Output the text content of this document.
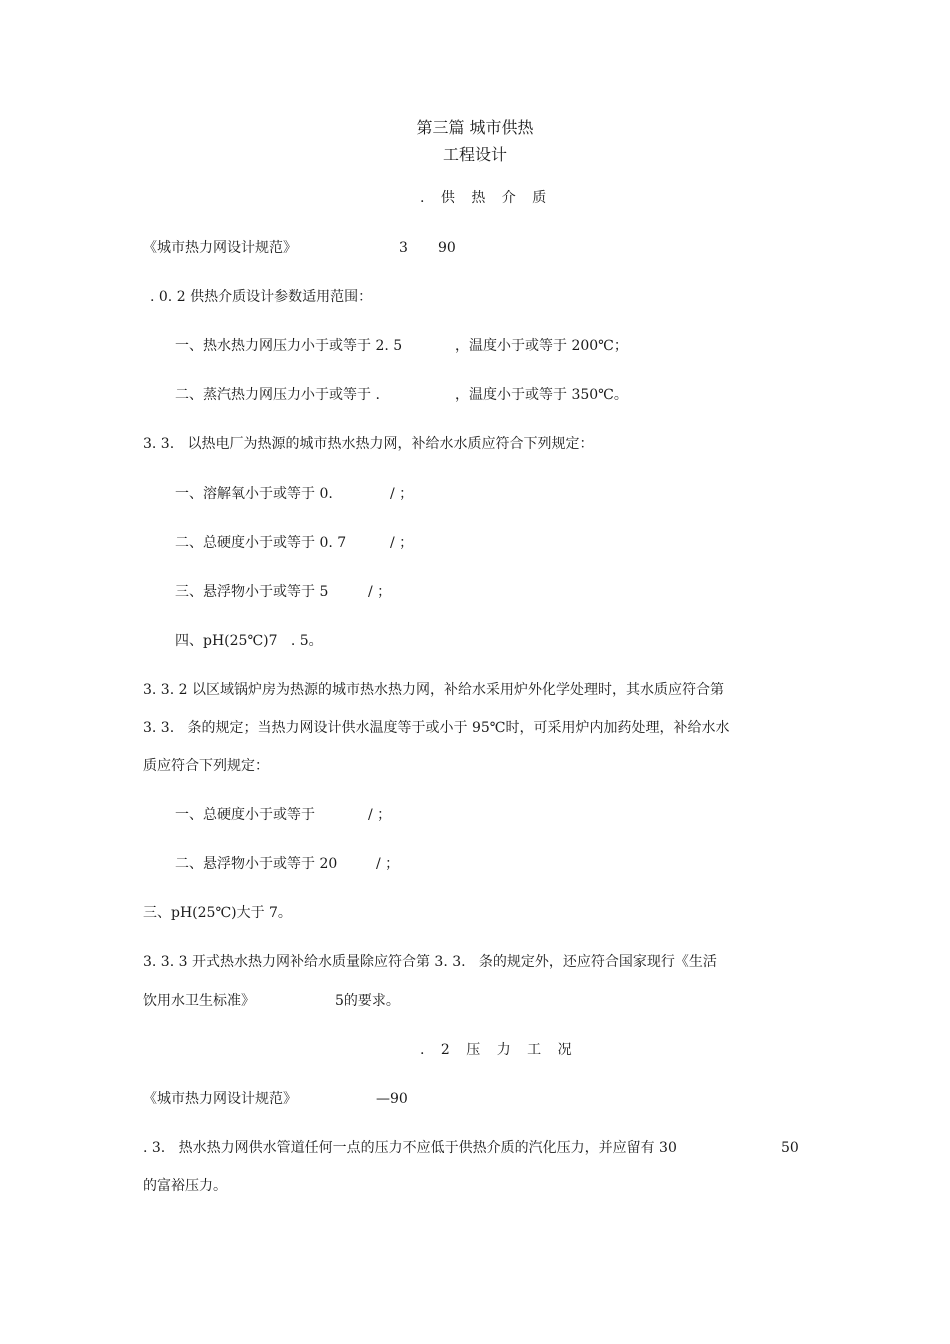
第三篇 城市供热
工程设计
. 供 热 介 质
《城市热力网设计规范》	3 90
. 0. 2 供热介质设计参数适用范围：
一、热水热力网压力小于或等于 2. 5	，温度小于或等于 200℃；
二、蒸汽热力网压力小于或等于 .	，温度小于或等于 350℃。
3. 3.   以热电厂为热源的城市热水热力网，补给水水质应符合下列规定：
一、溶解氧小于或等于 0.	/ ；
二、总硬度小于或等于 0. 7	/ ；
三、悬浮物小于或等于 5	/ ；
四、pH(25℃)7   . 5。
3. 3. 2 以区域锅炉房为热源的城市热水热力网，补给水采用炉外化学处理时，其水质应符合第
3. 3.   条的规定；当热力网设计供水温度等于或小于 95℃时，可采用炉内加药处理，补给水水
质应符合下列规定：
一、总硬度小于或等于	/ ；
二、悬浮物小于或等于 20	/ ；
三、pH(25℃)大于 7。
3. 3. 3 开式热水热力网补给水质量除应符合第 3. 3.   条的规定外，还应符合国家现行《生活
饮用水卫生标准》	5的要求。
. 2 压 力 工 况
《城市热力网设计规范》	—90
. 3.   热水热力网供水管道任何一点的压力不应低于供热介质的汽化压力，并应留有 30	50
的富裕压力。
